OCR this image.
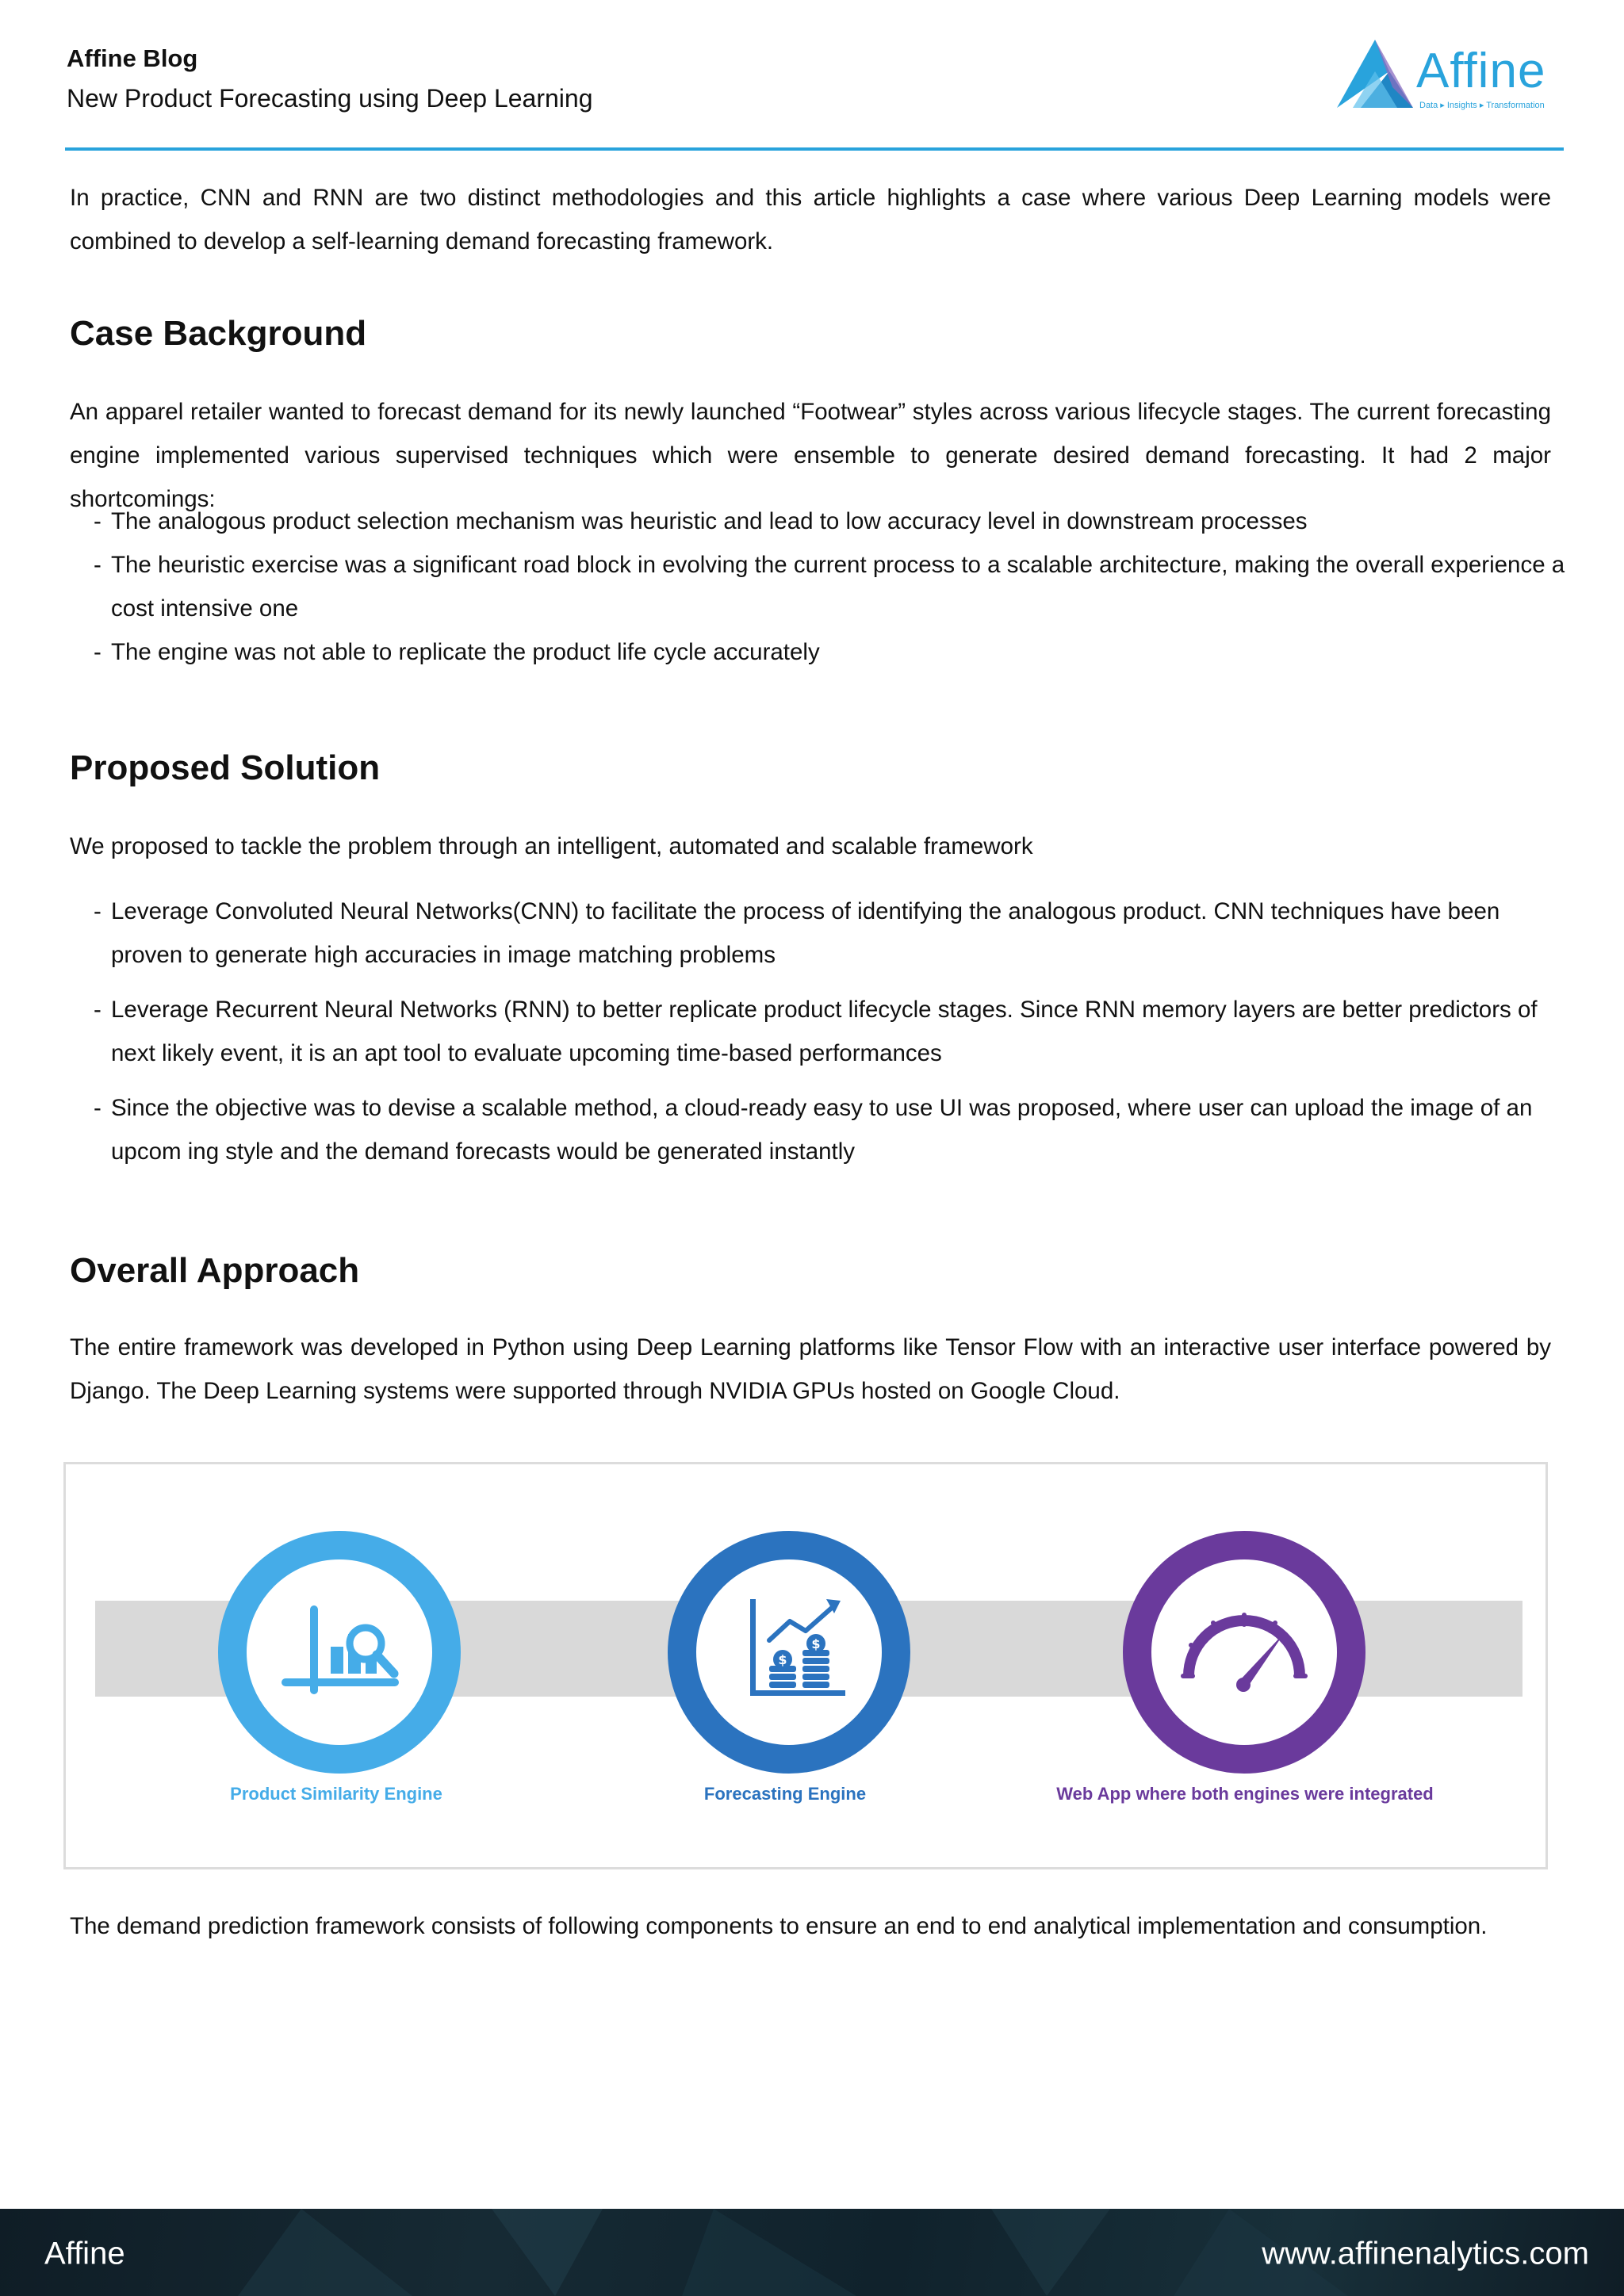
Affine Blog
New Product Forecasting using Deep Learning	Affine
Data ▸ Insights ▸ Transformation
In practice, CNN and RNN are two distinct methodologies and this article highlights a case where various Deep Learning models were combined to develop a self-learning demand forecasting framework.
Case Background
An apparel retailer wanted to forecast demand for its newly launched “Footwear” styles across various lifecycle stages. The current forecasting engine implemented various supervised techniques which were ensemble to generate desired demand forecasting. It had 2 major shortcomings:
- The analogous product selection mechanism was heuristic and lead to low accuracy level in downstream processes
- The heuristic exercise was a significant road block in evolving the current process to a scalable architecture, making the overall experience a cost intensive one
- The engine was not able to replicate the product life cycle accurately
Proposed Solution
We proposed to tackle the problem through an intelligent, automated and scalable framework
- Leverage Convoluted Neural Networks(CNN) to facilitate the process of identifying the analogous product. CNN techniques have been proven to generate high accuracies in image matching problems
- Leverage Recurrent Neural Networks (RNN) to better replicate product lifecycle stages. Since RNN memory layers are better predictors of next likely event, it is an apt tool to evaluate upcoming time-based performances
- Since the objective was to devise a scalable method, a cloud-ready easy to use UI was proposed, where user can upload the image of an upcom ing style and the demand forecasts would be generated instantly
Overall Approach
The entire framework was developed in Python using Deep Learning platforms like Tensor Flow with an interactive user interface powered by Django. The Deep Learning systems were supported through NVIDIA GPUs hosted on Google Cloud.
Product Similarity Engine
$
$
Forecasting Engine	Web App where both engines were integrated
The demand prediction framework consists of following components to ensure an end to end analytical implementation and consumption.
Affine	www.affinenalytics.com
